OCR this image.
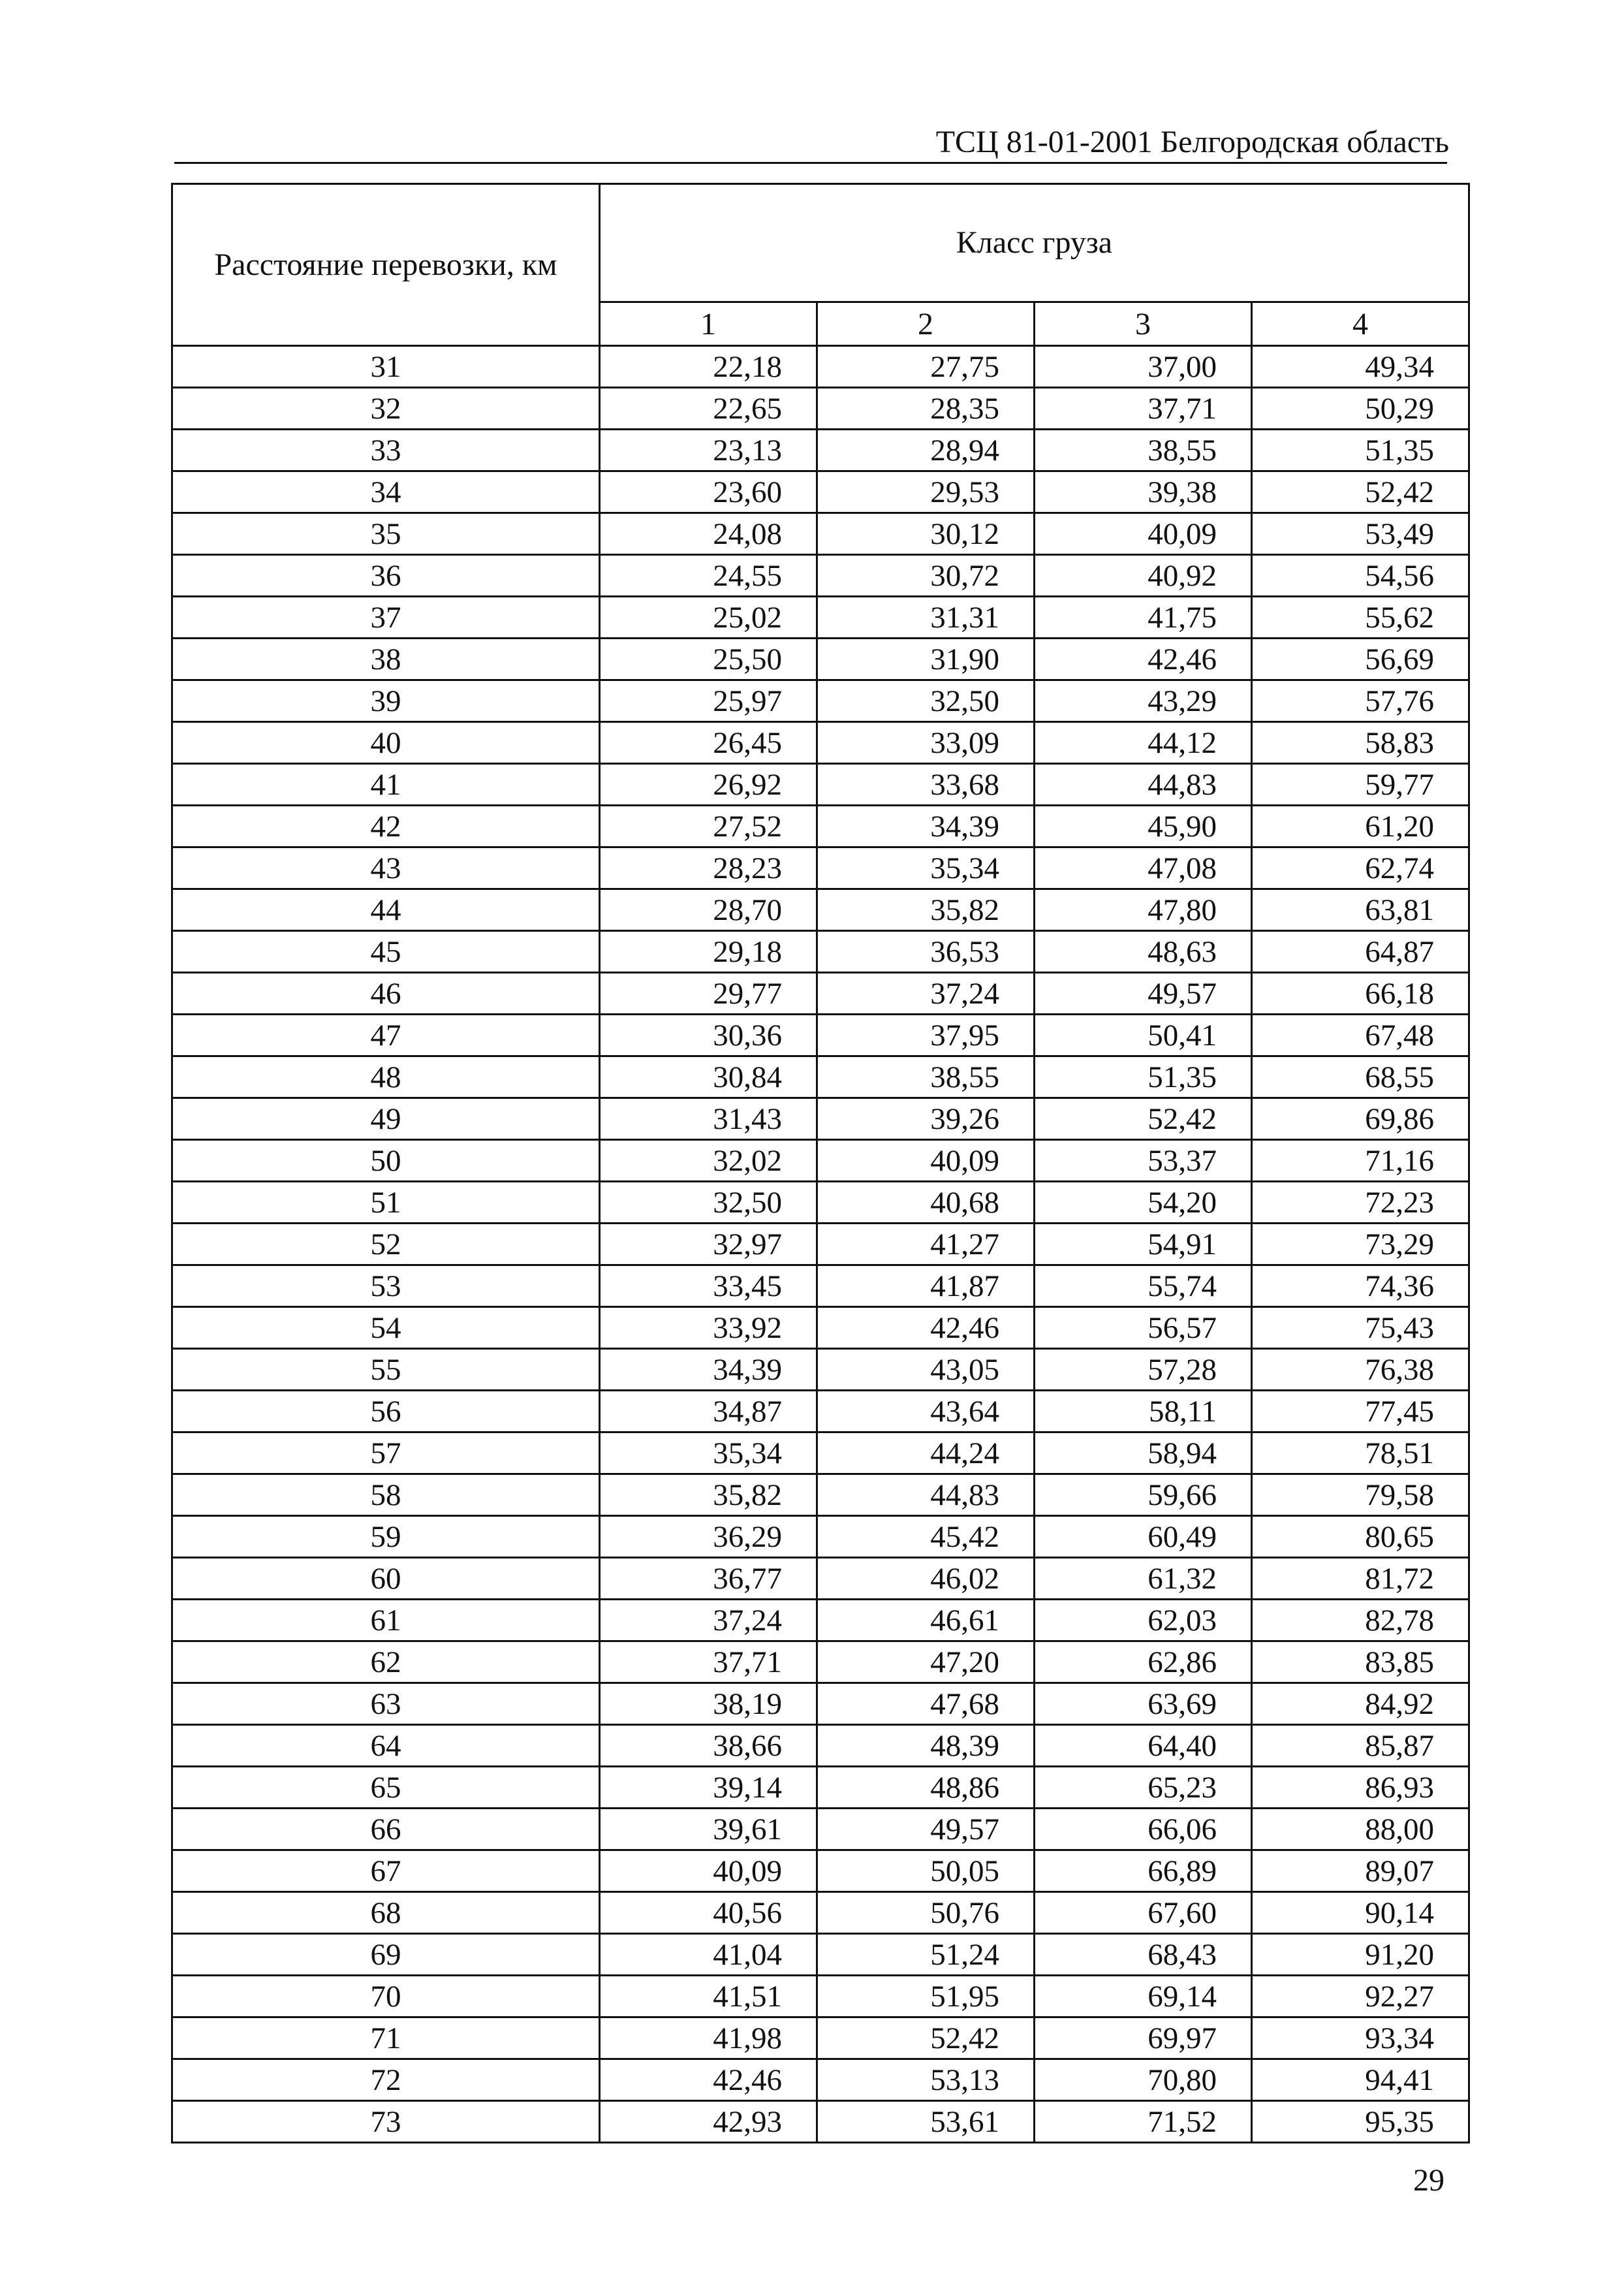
ТСЦ 81-01-2001 Белгородская область
Расстояние перевозки, км	Класс груза			
	1	2	3	4
31	22,18	27,75	37,00	49,34
32	22,65	28,35	37,71	50,29
33	23,13	28,94	38,55	51,35
34	23,60	29,53	39,38	52,42
35	24,08	30,12	40,09	53,49
36	24,55	30,72	40,92	54,56
37	25,02	31,31	41,75	55,62
38	25,50	31,90	42,46	56,69
39	25,97	32,50	43,29	57,76
40	26,45	33,09	44,12	58,83
41	26,92	33,68	44,83	59,77
42	27,52	34,39	45,90	61,20
43	28,23	35,34	47,08	62,74
44	28,70	35,82	47,80	63,81
45	29,18	36,53	48,63	64,87
46	29,77	37,24	49,57	66,18
47	30,36	37,95	50,41	67,48
48	30,84	38,55	51,35	68,55
49	31,43	39,26	52,42	69,86
50	32,02	40,09	53,37	71,16
51	32,50	40,68	54,20	72,23
52	32,97	41,27	54,91	73,29
53	33,45	41,87	55,74	74,36
54	33,92	42,46	56,57	75,43
55	34,39	43,05	57,28	76,38
56	34,87	43,64	58,11	77,45
57	35,34	44,24	58,94	78,51
58	35,82	44,83	59,66	79,58
59	36,29	45,42	60,49	80,65
60	36,77	46,02	61,32	81,72
61	37,24	46,61	62,03	82,78
62	37,71	47,20	62,86	83,85
63	38,19	47,68	63,69	84,92
64	38,66	48,39	64,40	85,87
65	39,14	48,86	65,23	86,93
66	39,61	49,57	66,06	88,00
67	40,09	50,05	66,89	89,07
68	40,56	50,76	67,60	90,14
69	41,04	51,24	68,43	91,20
70	41,51	51,95	69,14	92,27
71	41,98	52,42	69,97	93,34
72	42,46	53,13	70,80	94,41
73	42,93	53,61	71,52	95,35
29
